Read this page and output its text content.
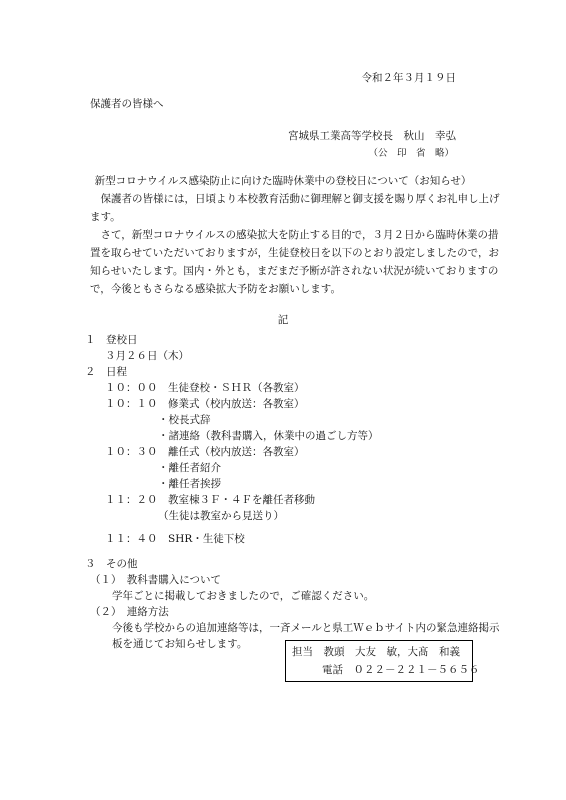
令和２年３月１９日
保護者の皆様へ
宮城県工業高等学校長　秋山　幸弘
（公　印　省　略）
新型コロナウイルス感染防止に向けた臨時休業中の登校日について（お知らせ）
保護者の皆様には，日頃より本校教育活動に御理解と御支援を賜り厚くお礼申し上げます。
さて，新型コロナウイルスの感染拡大を防止する目的で，３月２日から臨時休業の措置を取らせていただいておりますが，生徒登校日を以下のとおり設定しましたので，お知らせいたします。国内・外とも，まだまだ予断が許されない状況が続いておりますので，今後ともさらなる感染拡大予防をお願いします。
記
１　登校日
３月２６日（木）
２　日程
１０：００　生徒登校・ＳＨＲ（各教室）
１０：１０　修業式（校内放送：各教室）
・校長式辞
・諸連絡（教科書購入，休業中の過ごし方等）
１０：３０　離任式（校内放送：各教室）
・離任者紹介
・離任者挨拶
１１：２０　教室棟３Ｆ・４Ｆを離任者移動
（生徒は教室から見送り）
１１：４０　SHR・生徒下校
３　その他
（１）　教科書購入について
学年ごとに掲載しておきましたので，ご確認ください。
（２）　連絡方法
今後も学校からの追加連絡等は，一斉メールと県工Ｗｅｂサイト内の緊急連絡掲示
板を通じてお知らせします。
担当　教頭　大友　敏，大髙　和義
電話　０２２－２２１－５６５６
